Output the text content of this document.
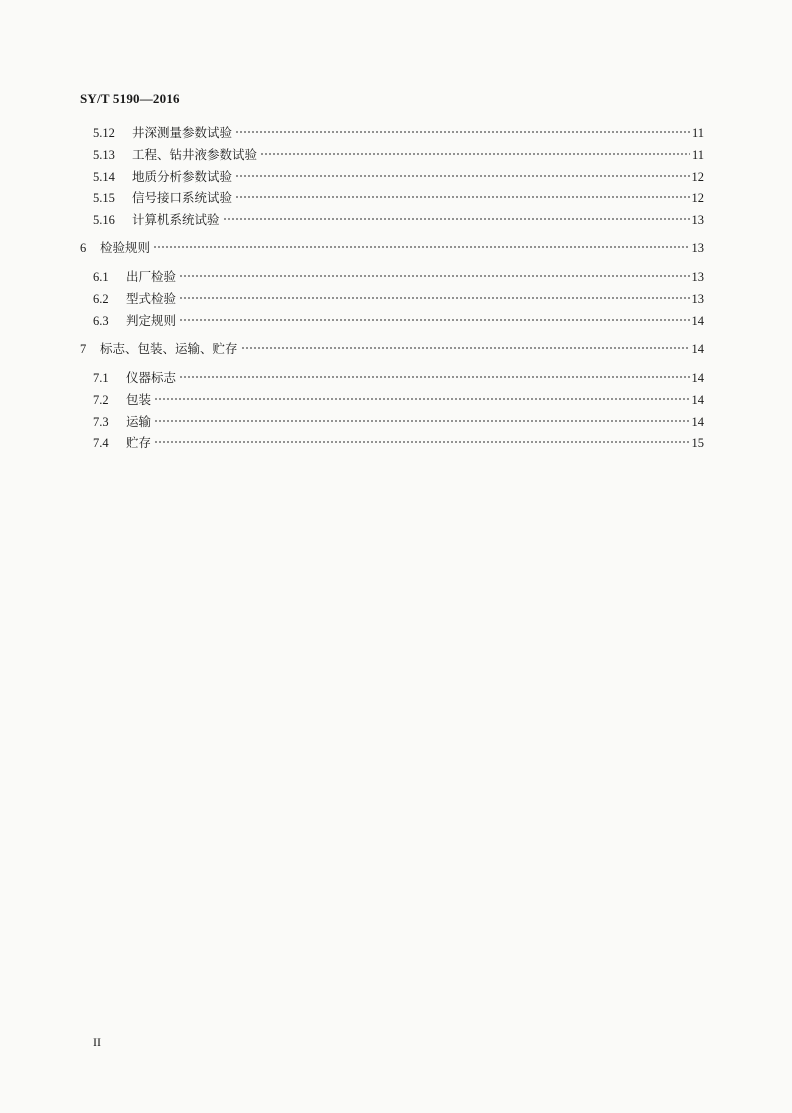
SY/T 5190—2016
5.12	井深测量参数试验	11
5.13	工程、钻井液参数试验	11
5.14	地质分析参数试验	12
5.15	信号接口系统试验	12
5.16	计算机系统试验	13
6	检验规则	13
6.1	出厂检验	13
6.2	型式检验	13
6.3	判定规则	14
7	标志、包装、运输、贮存	14
7.1	仪器标志	14
7.2	包装	14
7.3	运输	14
7.4	贮存	15
II
